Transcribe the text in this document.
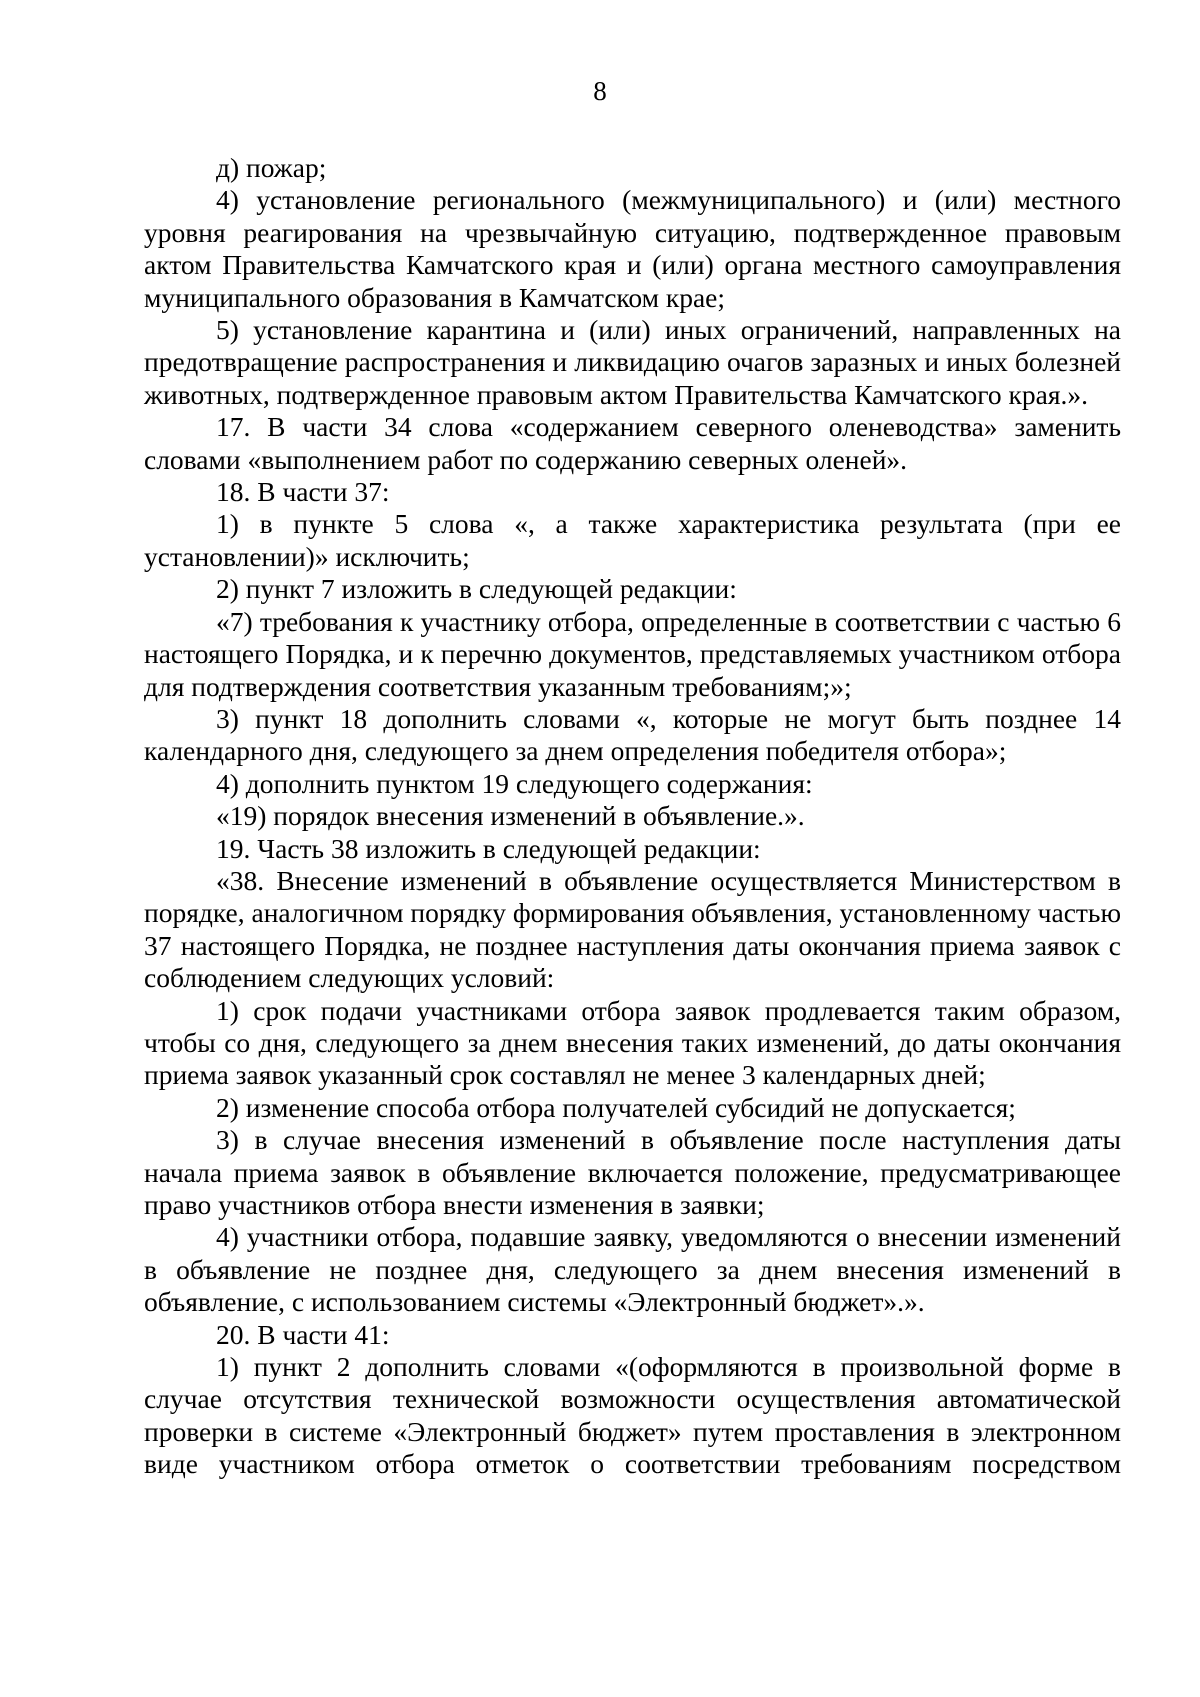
8

д) пожар;

4) установление регионального (межмуниципального) и (или) местного уровня реагирования на чрезвычайную ситуацию, подтвержденное правовым актом Правительства Камчатского края и (или) органа местного самоуправления муниципального образования в Камчатском крае;

5) установление карантина и (или) иных ограничений, направленных на предотвращение распространения и ликвидацию очагов заразных и иных болезней животных, подтвержденное правовым актом Правительства Камчатского края.».

17. В части 34 слова «содержанием северного оленеводства» заменить словами «выполнением работ по содержанию северных оленей».

18. В части 37:

1) в пункте 5 слова «, а также характеристика результата (при ее установлении)» исключить;

2) пункт 7 изложить в следующей редакции:

«7) требования к участнику отбора, определенные в соответствии с частью 6 настоящего Порядка, и к перечню документов, представляемых участником отбора для подтверждения соответствия указанным требованиям;»;

3) пункт 18 дополнить словами «, которые не могут быть позднее 14 календарного дня, следующего за днем определения победителя отбора»;

4) дополнить пунктом 19 следующего содержания:

«19) порядок внесения изменений в объявление.».

19. Часть 38 изложить в следующей редакции:

«38. Внесение изменений в объявление осуществляется Министерством в порядке, аналогичном порядку формирования объявления, установленному частью 37 настоящего Порядка, не позднее наступления даты окончания приема заявок с соблюдением следующих условий:

1) срок подачи участниками отбора заявок продлевается таким образом, чтобы со дня, следующего за днем внесения таких изменений, до даты окончания приема заявок указанный срок составлял не менее 3 календарных дней;

2) изменение способа отбора получателей субсидий не допускается;

3) в случае внесения изменений в объявление после наступления даты начала приема заявок в объявление включается положение, предусматривающее право участников отбора внести изменения в заявки;

4) участники отбора, подавшие заявку, уведомляются о внесении изменений в объявление не позднее дня, следующего за днем внесения изменений в объявление, с использованием системы «Электронный бюджет».».

20. В части 41:

1) пункт 2 дополнить словами «(оформляются в произвольной форме в случае отсутствия технической возможности осуществления автоматической проверки в системе «Электронный бюджет» путем проставления в электронном виде участником отбора отметок о соответствии требованиям посредством
